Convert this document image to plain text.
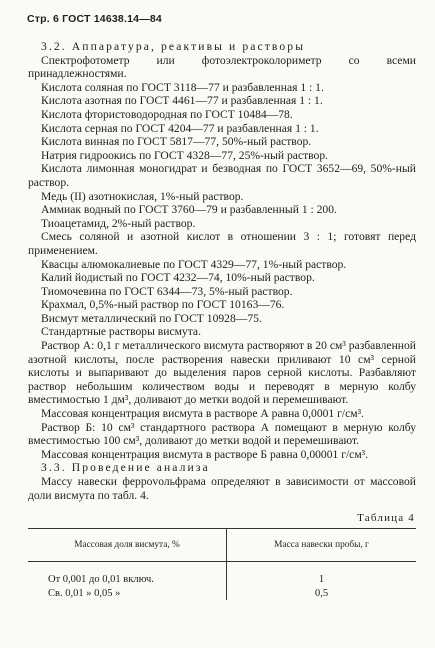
Стр. 6 ГОСТ 14638.14—84

3.2. Аппаратура, реактивы и растворы

Спектрофотометр или фотоэлектроколориметр со всеми принадлежностями.

Кислота соляная по ГОСТ 3118—77 и разбавленная 1 : 1.

Кислота азотная по ГОСТ 4461—77 и разбавленная 1 : 1.

Кислота фтористоводородная по ГОСТ 10484—78.

Кислота серная по ГОСТ 4204—77 и разбавленная 1 : 1.

Кислота винная по ГОСТ 5817—77, 50%-ный раствор.

Натрия гидроокись по ГОСТ 4328—77, 25%-ный раствор.

Кислота лимонная моногидрат и безводная по ГОСТ 3652—69, 50%-ный раствор.

Медь (II) азотнокислая, 1%-ный раствор.

Аммиак водный по ГОСТ 3760—79 и разбавленный 1 : 200.

Тиоацетамид, 2%-ный раствор.

Смесь соляной и азотной кислот в отношении 3 : 1; готовят перед применением.

Квасцы алюмокалиевые по ГОСТ 4329—77, 1%-ный раствор.

Калий йодистый по ГОСТ 4232—74, 10%-ный раствор.

Тиомочевина по ГОСТ 6344—73, 5%-ный раствор.

Крахмал, 0,5%-ный раствор по ГОСТ 10163—76.

Висмут металлический по ГОСТ 10928—75.

Стандартные растворы висмута.

Раствор А: 0,1 г металлического висмута растворяют в 20 см³ разбавленной азотной кислоты, после растворения навески приливают 10 см³ серной кислоты и выпаривают до выделения паров серной кислоты. Разбавляют раствор небольшим количеством воды и переводят в мерную колбу вместимостью 1 дм³, доливают до метки водой и перемешивают.

Массовая концентрация висмута в растворе А равна 0,0001 г/см³.

Раствор Б: 10 см³ стандартного раствора А помещают в мерную колбу вместимостью 100 см³, доливают до метки водой и перемешивают.

Массовая концентрация висмута в растворе Б равна 0,00001 г/см³.

3.3. Проведение анализа

Массу навески феррovольфрама определяют в зависимости от массовой доли висмута по табл. 4.

Таблица 4
Массовая доля висмута, %	Масса навески пробы, г
От 0,001 до 0,01 включ.	1
Св. 0,01 » 0,05 »	0,5
